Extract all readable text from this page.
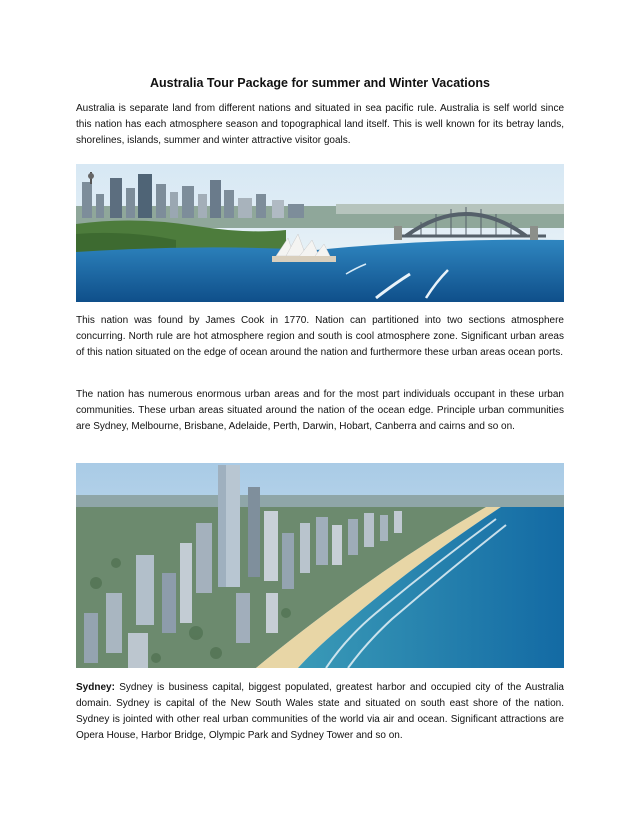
Australia Tour Package for summer and Winter Vacations

Australia is separate land from different nations and situated in sea pacific rule. Australia is self world since this nation has each atmosphere season and topographical land itself. This is well known for its betray lands, shorelines, islands, summer and winter attractive visitor goals.

This nation was found by James Cook in 1770. Nation can partitioned into two sections atmosphere concurring. North rule are hot atmosphere region and south is cool atmosphere zone. Significant urban areas of this nation situated on the edge of ocean around the nation and furthermore these urban areas ocean ports.

The nation has numerous enormous urban areas and for the most part individuals occupant in these urban communities. These urban areas situated around the nation of the ocean edge. Principle urban communities are Sydney, Melbourne, Brisbane, Adelaide, Perth, Darwin, Hobart, Canberra and cairns and so on.

Sydney: Sydney is business capital, biggest populated, greatest harbor and occupied city of the Australia domain. Sydney is capital of the New South Wales state and situated on south east shore of the nation. Sydney is jointed with other real urban communities of the world via air and ocean. Significant attractions are Opera House, Harbor Bridge, Olympic Park and Sydney Tower and so on.
